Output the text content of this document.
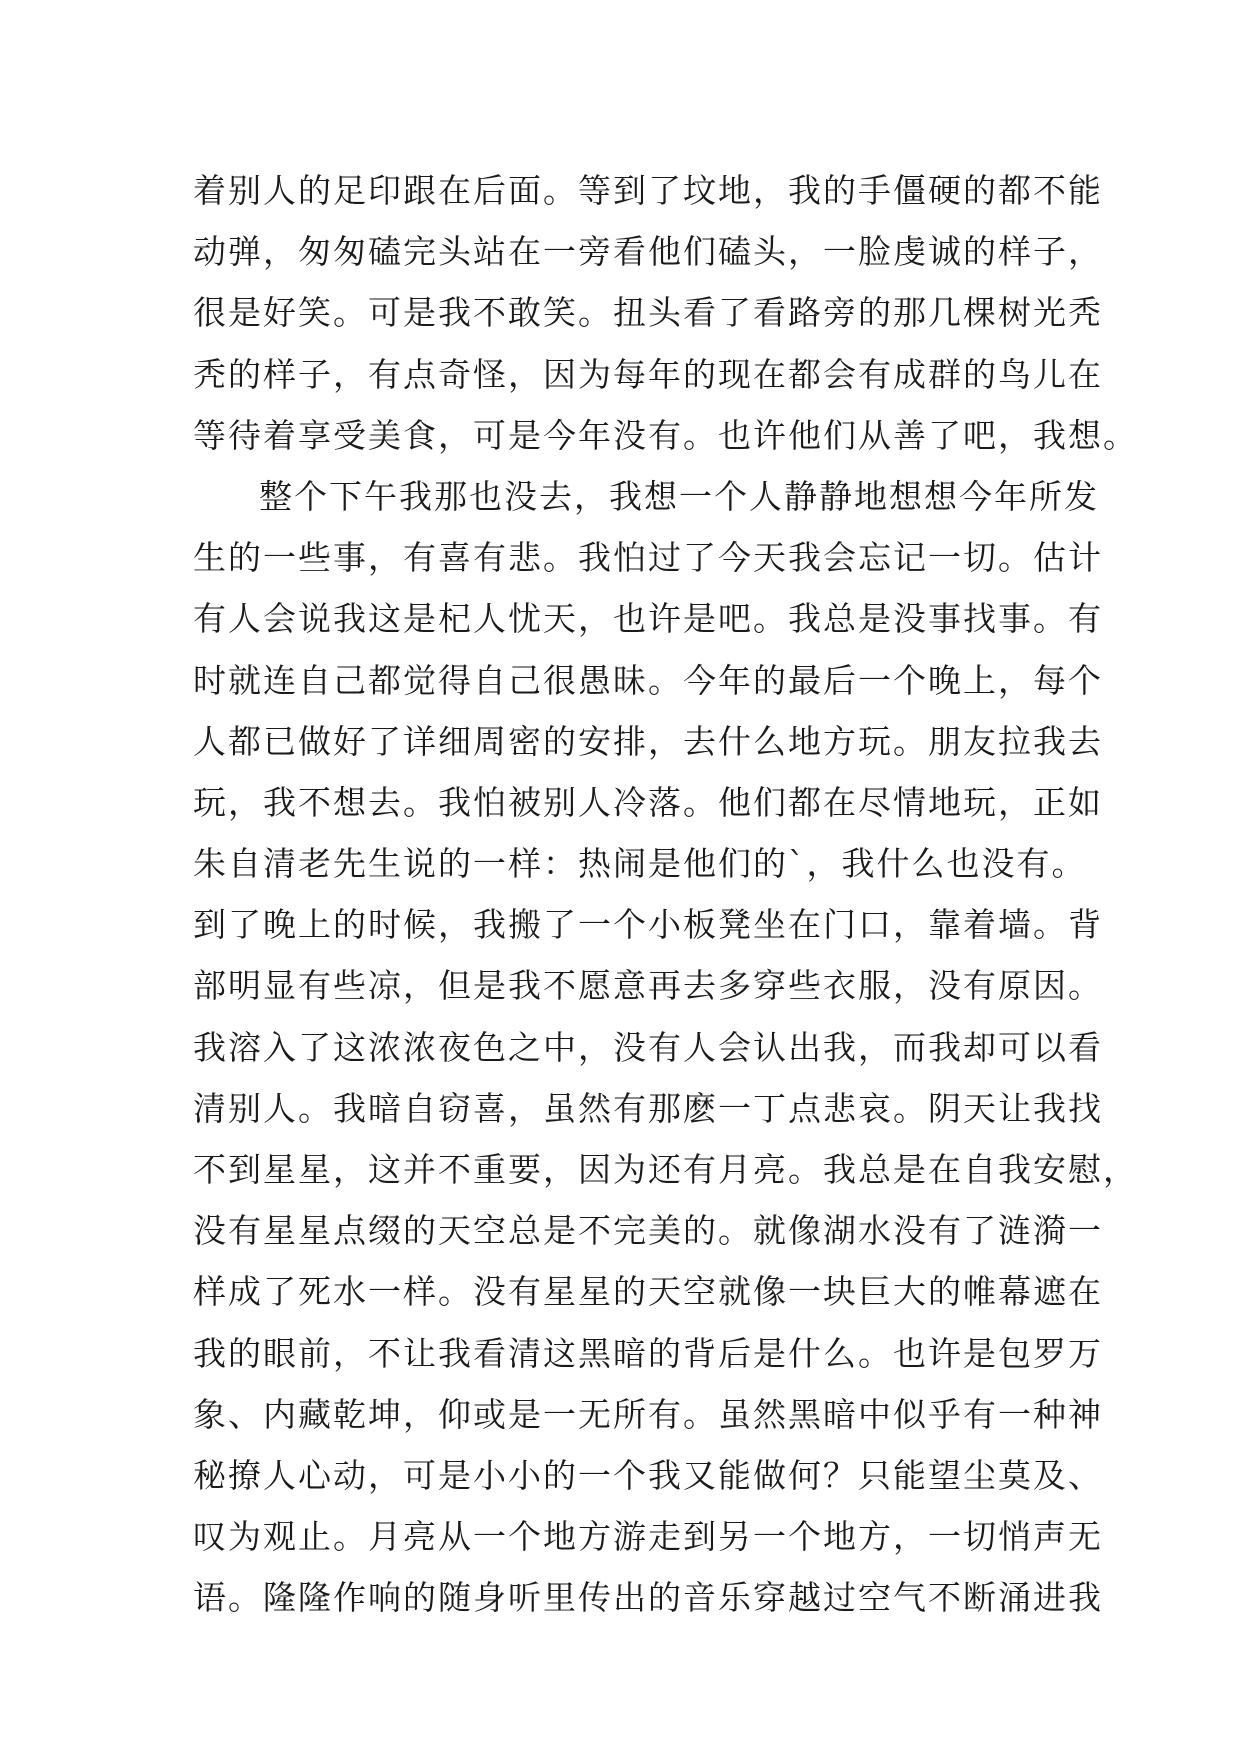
着别人的足印跟在后面。等到了坟地，我的手僵硬的都不能
动弹，匆匆磕完头站在一旁看他们磕头，一脸虔诚的样子，
很是好笑。可是我不敢笑。扭头看了看路旁的那几棵树光秃
秃的样子，有点奇怪，因为每年的现在都会有成群的鸟儿在
等待着享受美食，可是今年没有。也许他们从善了吧，我想。
整个下午我那也没去，我想一个人静静地想想今年所发
生的一些事，有喜有悲。我怕过了今天我会忘记一切。估计
有人会说我这是杞人忧天，也许是吧。我总是没事找事。有
时就连自己都觉得自己很愚昧。今年的最后一个晚上，每个
人都已做好了详细周密的安排，去什么地方玩。朋友拉我去
玩，我不想去。我怕被别人冷落。他们都在尽情地玩，正如
朱自清老先生说的一样：热闹是他们的`，我什么也没有。
到了晚上的时候，我搬了一个小板凳坐在门口，靠着墙。背
部明显有些凉，但是我不愿意再去多穿些衣服，没有原因。
我溶入了这浓浓夜色之中，没有人会认出我，而我却可以看
清别人。我暗自窃喜，虽然有那麽一丁点悲哀。阴天让我找
不到星星，这并不重要，因为还有月亮。我总是在自我安慰，
没有星星点缀的天空总是不完美的。就像湖水没有了涟漪一
样成了死水一样。没有星星的天空就像一块巨大的帷幕遮在
我的眼前，不让我看清这黑暗的背后是什么。也许是包罗万
象、内藏乾坤，仰或是一无所有。虽然黑暗中似乎有一种神
秘撩人心动，可是小小的一个我又能做何？只能望尘莫及、
叹为观止。月亮从一个地方游走到另一个地方，一切悄声无
语。隆隆作响的随身听里传出的音乐穿越过空气不断涌进我
